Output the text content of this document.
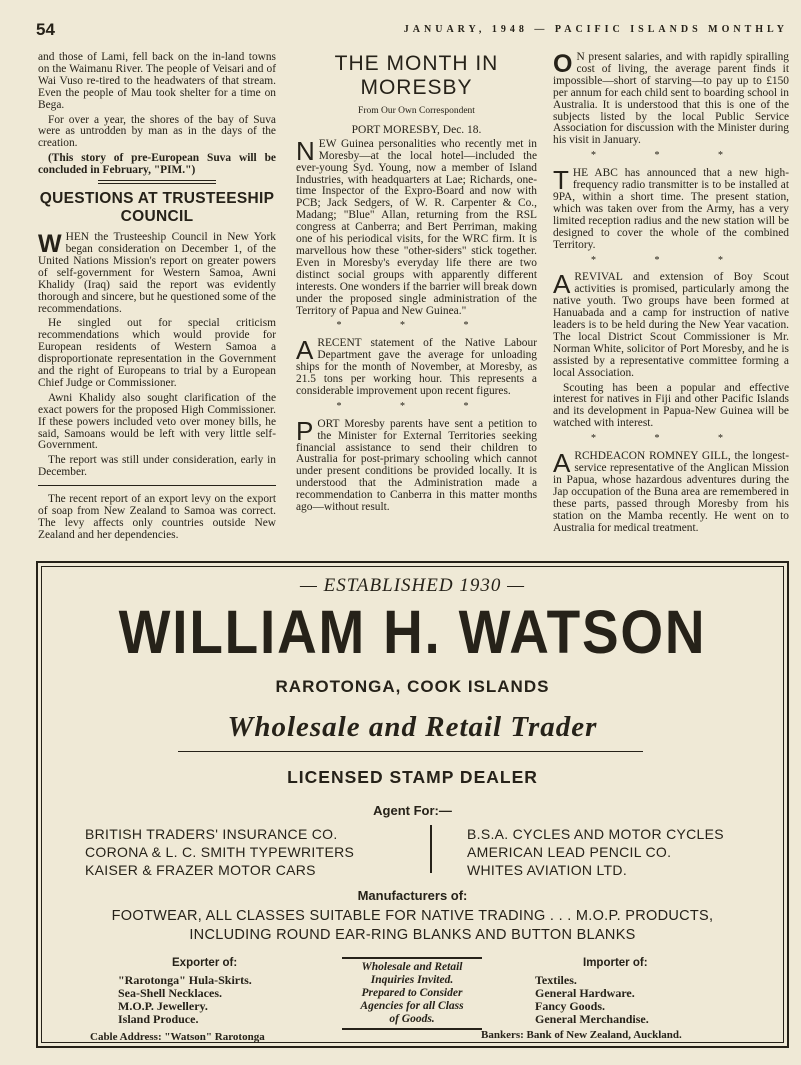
54	JANUARY, 1948 — PACIFIC ISLANDS MONTHLY

and those of Lami, fell back on the in-land towns on the Waimanu River. The people of Veisari and of Wai Vuso re-tired to the headwaters of that stream. Even the people of Mau took shelter for a time on Bega.

For over a year, the shores of the bay of Suva were as untrodden by man as in the days of the creation.

(This story of pre-European Suva will be concluded in February, "PIM.")

QUESTIONS AT TRUSTEESHIP COUNCIL

WHEN the Trusteeship Council in New York began consideration on December 1, of the United Nations Mission's report on greater powers of self-government for Western Samoa, Awni Khalidy (Iraq) said the report was evidently thorough and sincere, but he questioned some of the recommendations.

He singled out for special criticism recommendations which would provide for European residents of Western Samoa a disproportionate representation in the Government and the right of Europeans to trial by a European Chief Judge or Commissioner.

Awni Khalidy also sought clarification of the exact powers for the proposed High Commissioner. If these powers included veto over money bills, he said, Samoans would be left with very little self-Government.

The report was still under consideration, early in December.

The recent report of an export levy on the export of soap from New Zealand to Samoa was correct. The levy affects only countries outside New Zealand and her dependencies.

THE MONTH IN MORESBY
From Our Own Correspondent
PORT MORESBY, Dec. 18.

NEW Guinea personalities who recently met in Moresby—at the local hotel—included the ever-young Syd. Young, now a member of Island Industries, with headquarters at Lae; Richards, one-time Inspector of the Expro-Board and now with PCB; Jack Sedgers, of W. R. Carpenter & Co., Madang; "Blue" Allan, returning from the RSL congress at Canberra; and Bert Perriman, making one of his periodical visits, for the WRC firm. It is marvellous how these "other-siders" stick together. Even in Moresby's everyday life there are two distinct social groups with apparently different interests. One wonders if the barrier will break down under the proposed single administration of the Territory of Papua and New Guinea."

* * *

ARECENT statement of the Native Labour Department gave the average for unloading ships for the month of November, at Moresby, as 21.5 tons per working hour. This represents a considerable improvement upon recent figures.

* * *

PORT Moresby parents have sent a petition to the Minister for External Territories seeking financial assistance to send their children to Australia for post-primary schooling which cannot under present conditions be provided locally. It is understood that the Administration made a recommendation to Canberra in this matter months ago—without result.

O N present salaries, and with rapidly spiralling cost of living, the average parent finds it impossible—short of starving—to pay up to £150 per annum for each child sent to boarding school in Australia. It is understood that this is one of the subjects listed by the local Public Service Association for discussion with the Minister during his visit in January.

* * *

THE ABC has announced that a new high-frequency radio transmitter is to be installed at 9PA, within a short time. The present station, which was taken over from the Army, has a very limited reception radius and the new station will be designed to cover the whole of the combined Territory.

* * *

AREVIVAL and extension of Boy Scout activities is promised, particularly among the native youth. Two groups have been formed at Hanuabada and a camp for instruction of native leaders is to be held during the New Year vacation. The local District Scout Commissioner is Mr. Norman White, solicitor of Port Moresby, and he is assisted by a representative committee forming a local Association.

Scouting has been a popular and effective interest for natives in Fiji and other Pacific Islands and its development in Papua-New Guinea will be watched with interest.

* * *

ARCHDEACON ROMNEY GILL, the longest-service representative of the Anglican Mission in Papua, whose hazardous adventures during the Jap occupation of the Buna area are remembered in these parts, passed through Moresby from his station on the Mamba recently. He went on to Australia for medical treatment.

— ESTABLISHED 1930 —
WILLIAM H. WATSON
RAROTONGA, COOK ISLANDS
Wholesale and Retail Trader
LICENSED STAMP DEALER
Agent For:—
BRITISH TRADERS' INSURANCE CO.
CORONA & L. C. SMITH TYPEWRITERS
KAISER & FRAZER MOTOR CARS
B.S.A. CYCLES AND MOTOR CYCLES
AMERICAN LEAD PENCIL CO.
WHITES AVIATION LTD.
Manufacturers of:
FOOTWEAR, ALL CLASSES SUITABLE FOR NATIVE TRADING . . . M.O.P. PRODUCTS,
INCLUDING ROUND EAR-RING BLANKS AND BUTTON BLANKS
Exporter of:
"Rarotonga" Hula-Skirts.
Sea-Shell Necklaces.
M.O.P. Jewellery.
Island Produce.
Wholesale and Retail
Inquiries Invited.
Prepared to Consider
Agencies for all Class
of Goods.
Importer of:
Textiles.
General Hardware.
Fancy Goods.
General Merchandise.
Cable Address: "Watson" Rarotonga	Bankers: Bank of New Zealand, Auckland.
